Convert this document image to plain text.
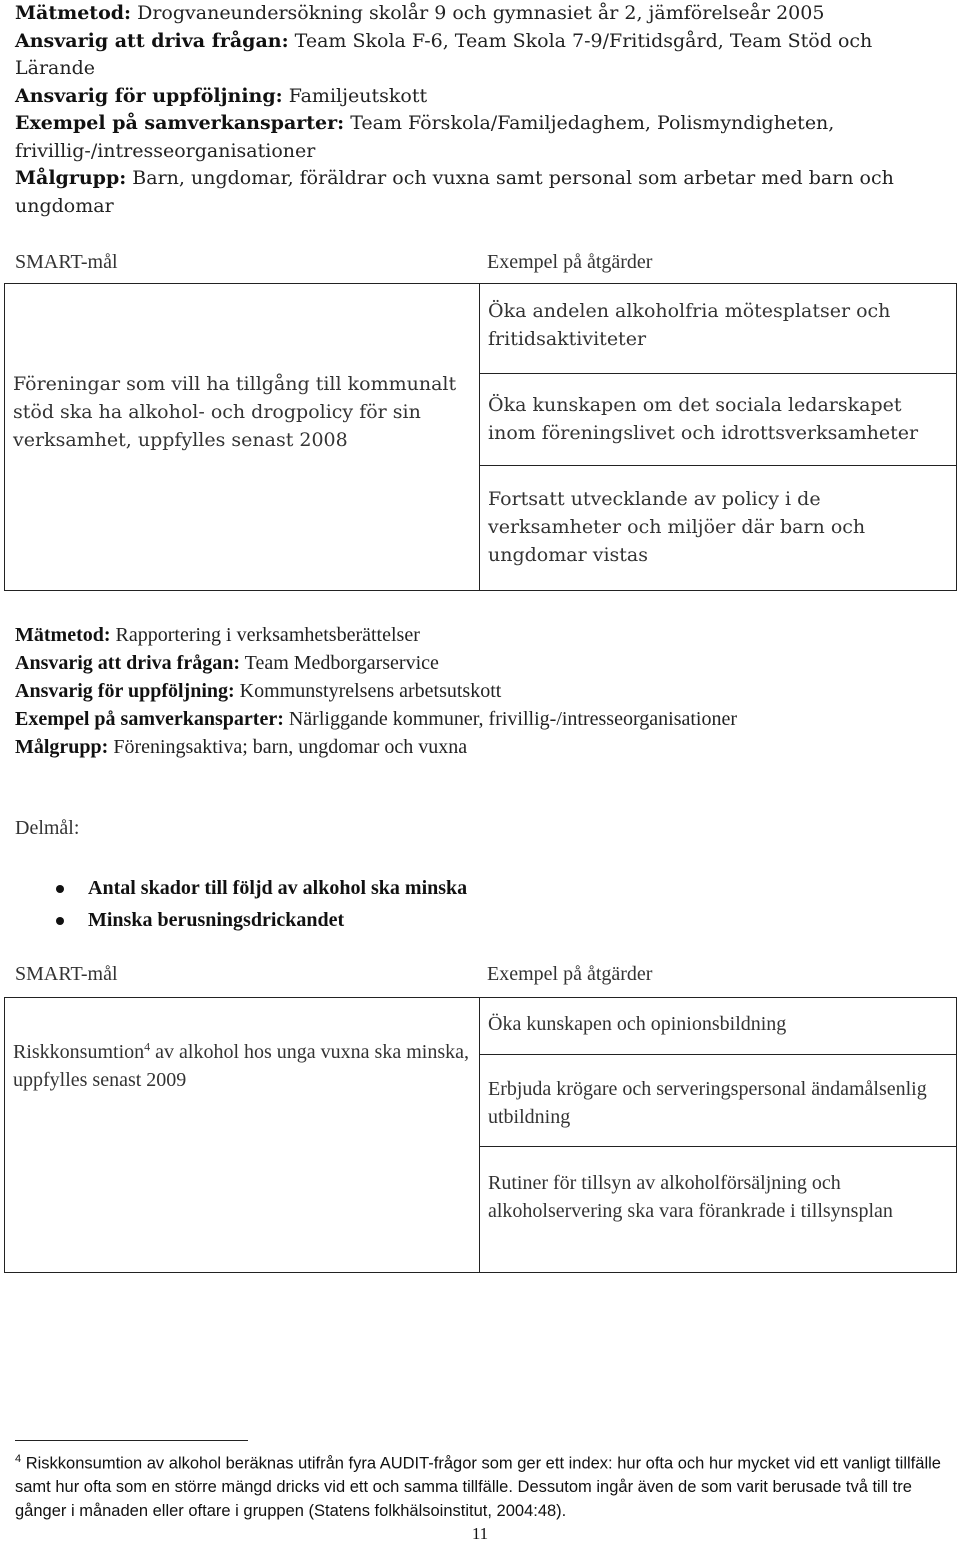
Mätmetod: Drogvaneundersökning skolår 9 och gymnasiet år 2, jämförelseår 2005

Ansvarig att driva frågan: Team Skola F-6, Team Skola 7-9/Fritidsgård, Team Stöd och Lärande

Ansvarig för uppföljning: Familjeutskott

Exempel på samverkansparter: Team Förskola/Familjedaghem, Polismyndigheten, frivillig-/intresseorganisationer

Målgrupp: Barn, ungdomar, föräldrar och vuxna samt personal som arbetar med barn och ungdomar

SMART-mål	Exempel på åtgärder
Föreningar som vill ha tillgång till kommunalt stöd ska ha alkohol- och drogpolicy för sin verksamhet, uppfylles senast 2008
Öka andelen alkoholfria mötesplatser och fritidsaktiviteter
Öka kunskapen om det sociala ledarskapet inom föreningslivet och idrottsverksamheter
Fortsatt utvecklande av policy i de verksamheter och miljöer där barn och ungdomar vistas

Mätmetod: Rapportering i verksamhetsberättelser

Ansvarig att driva frågan: Team Medborgarservice

Ansvarig för uppföljning: Kommunstyrelsens arbetsutskott

Exempel på samverkansparter: Närliggande kommuner, frivillig-/intresseorganisationer

Målgrupp: Föreningsaktiva; barn, ungdomar och vuxna

Delmål:
Antal skador till följd av alkohol ska minska
Minska berusningsdrickandet
SMART-mål	Exempel på åtgärder
Riskkonsumtion$^4$ av alkohol hos unga vuxna ska minska, uppfylles senast 2009
Öka kunskapen och opinionsbildning
Erbjuda krögare och serveringspersonal ändamålsenlig utbildning
Rutiner för tillsyn av alkoholförsäljning och alkoholservering ska vara förankrade i tillsynsplan
$^4$ Riskkonsumtion av alkohol beräknas utifrån fyra AUDIT-frågor som ger ett index: hur ofta och hur mycket vid ett vanligt tillfälle samt hur ofta som en större mängd dricks vid ett och samma tillfälle. Dessutom ingår även de som varit berusade två till tre gånger i månaden eller oftare i gruppen (Statens folkhälsoinstitut, 2004:48).
11
